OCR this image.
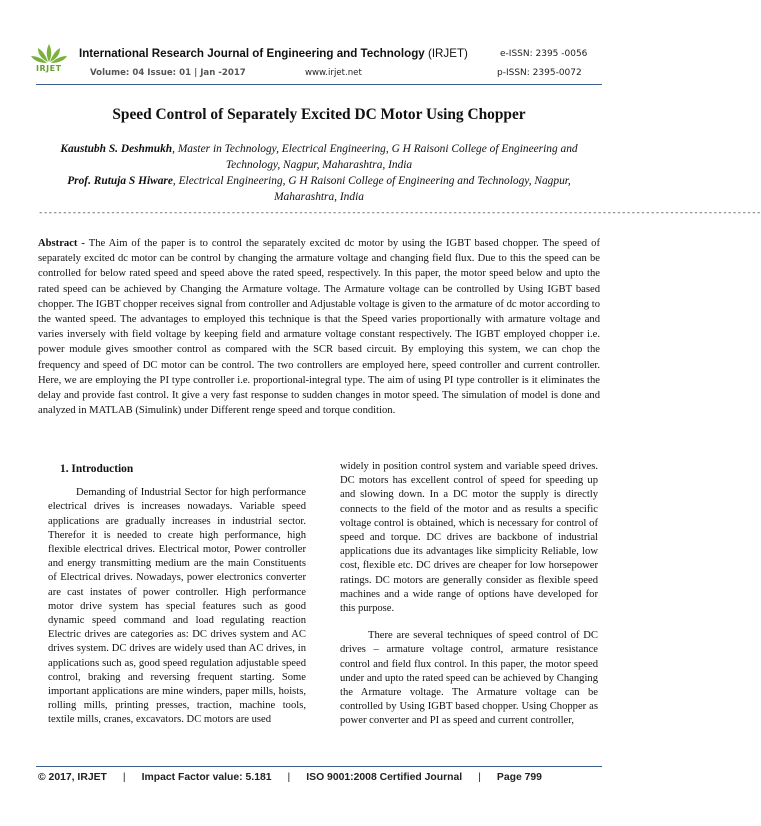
IRJET
International Research Journal of Engineering and Technology (IRJET)	e-ISSN: 2395 -0056
Volume: 04 Issue: 01 | Jan -2017	www.irjet.net	p-ISSN: 2395-0072
Speed Control of Separately Excited DC Motor Using Chopper
Kaustubh S. Deshmukh, Master in Technology, Electrical Engineering, G H Raisoni College of Engineering and Technology, Nagpur, Maharashtra, India
Prof. Rutuja S Hiware, Electrical Engineering, G H Raisoni College of Engineering and Technology, Nagpur, Maharashtra, India
------------------------------------------------------------------------------------------------------------------------------------------------------
Abstract - The Aim of the paper is to control the separately excited dc motor by using the IGBT based chopper. The speed of separately excited dc motor can be control by changing the armature voltage and changing field flux. Due to this the speed can be controlled for below rated speed and speed above the rated speed, respectively. In this paper, the motor speed below and upto the rated speed can be achieved by Changing the Armature voltage. The Armature voltage can be controlled by Using IGBT based chopper. The IGBT chopper receives signal from controller and Adjustable voltage is given to the armature of dc motor according to the wanted speed. The advantages to employed this technique is that the Speed varies proportionally with armature voltage and varies inversely with field voltage by keeping field and armature voltage constant respectively. The IGBT employed chopper i.e. power module gives smoother control as compared with the SCR based circuit. By employing this system, we can chop the frequency and speed of DC motor can be control. The two controllers are employed here, speed controller and current controller. Here, we are employing the PI type controller i.e. proportional-integral type. The aim of using PI type controller is it eliminates the delay and provide fast control. It give a very fast response to sudden changes in motor speed. The simulation of model is done and analyzed in MATLAB (Simulink) under Different renge speed and torque condition.

1. Introduction

Demanding of Industrial Sector for high performance electrical drives is increases nowadays. Variable speed applications are gradually increases in industrial sector. Therefor it is needed to create high performance, high flexible electrical drives. Electrical motor, Power controller and energy transmitting medium are the main Constituents of Electrical drives. Nowadays, power electronics converter are cast instates of power controller. High performance motor drive system has special features such as good dynamic speed command and load regulating reaction Electric drives are categories as: DC drives system and AC drives system. DC drives are widely used than AC drives, in applications such as, good speed regulation adjustable speed control, braking and reversing frequent starting. Some important applications are mine winders, paper mills, hoists, rolling mills, printing presses, traction, machine tools, textile mills, cranes, excavators. DC motors are used

widely in position control system and variable speed drives. DC motors has excellent control of speed for speeding up and slowing down. In a DC motor the supply is directly connects to the field of the motor and as results a specific voltage control is obtained, which is necessary for control of speed and torque. DC drives are backbone of industrial applications due its advantages like simplicity Reliable, low cost, flexible etc. DC drives are cheaper for low horsepower ratings. DC motors are generally consider as flexible speed machines and a wide range of options have developed for this purpose.

There are several techniques of speed control of DC drives – armature voltage control, armature resistance control and field flux control. In this paper, the motor speed under and upto the rated speed can be achieved by Changing the Armature voltage. The Armature voltage can be controlled by Using IGBT based chopper. Using Chopper as power converter and PI as speed and current controller,

© 2017, IRJET | Impact Factor value: 5.181 | ISO 9001:2008 Certified Journal | Page 799
